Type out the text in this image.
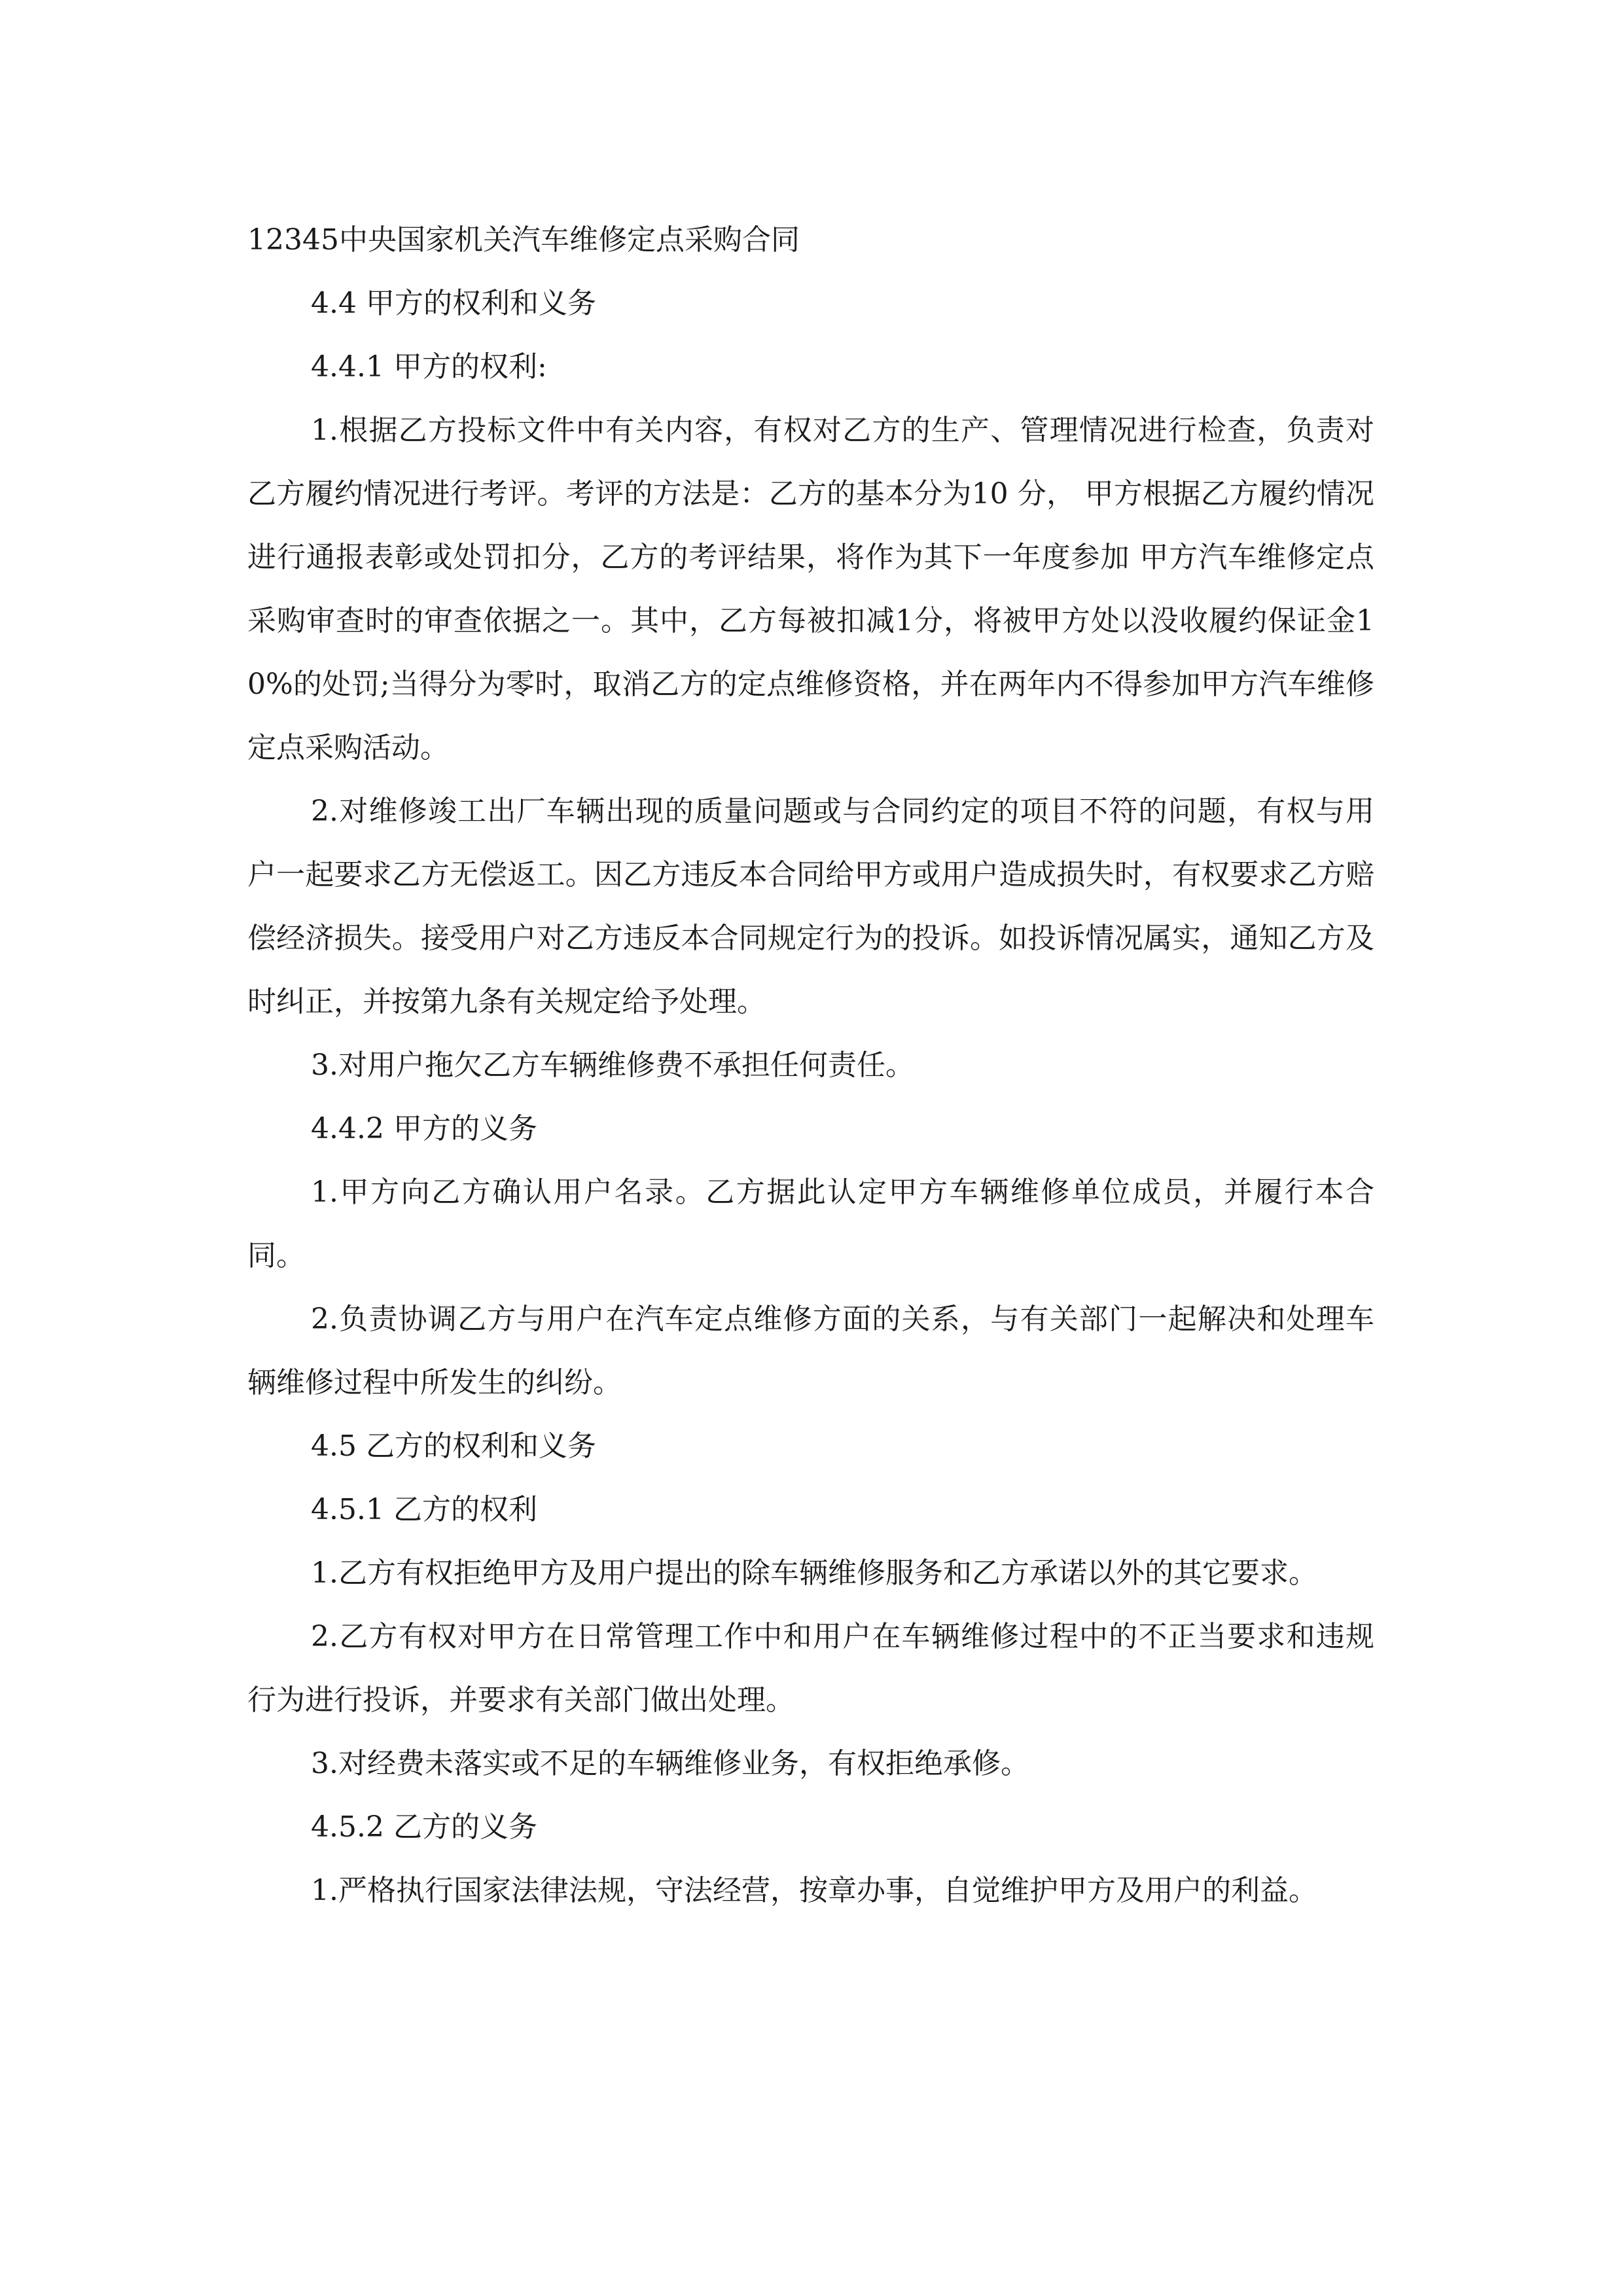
12345中央国家机关汽车维修定点采购合同

4.4 甲方的权利和义务

4.4.1 甲方的权利:

1.根据乙方投标文件中有关内容，有权对乙方的生产、管理情况进行检查，负责对乙方履约情况进行考评。考评的方法是：乙方的基本分为10 分， 甲方根据乙方履约情况进行通报表彰或处罚扣分，乙方的考评结果，将作为其下一年度参加 甲方汽车维修定点采购审查时的审查依据之一。其中，乙方每被扣减1分，将被甲方处以没收履约保证金10%的处罚;当得分为零时，取消乙方的定点维修资格，并在两年内不得参加甲方汽车维修定点采购活动。

2.对维修竣工出厂车辆出现的质量问题或与合同约定的项目不符的问题，有权与用户一起要求乙方无偿返工。因乙方违反本合同给甲方或用户造成损失时，有权要求乙方赔偿经济损失。接受用户对乙方违反本合同规定行为的投诉。如投诉情况属实，通知乙方及时纠正，并按第九条有关规定给予处理。

3.对用户拖欠乙方车辆维修费不承担任何责任。

4.4.2 甲方的义务

1.甲方向乙方确认用户名录。乙方据此认定甲方车辆维修单位成员，并履行本合同。

2.负责协调乙方与用户在汽车定点维修方面的关系，与有关部门一起解决和处理车辆维修过程中所发生的纠纷。

4.5 乙方的权利和义务

4.5.1 乙方的权利

1.乙方有权拒绝甲方及用户提出的除车辆维修服务和乙方承诺以外的其它要求。

2.乙方有权对甲方在日常管理工作中和用户在车辆维修过程中的不正当要求和违规行为进行投诉，并要求有关部门做出处理。

3.对经费未落实或不足的车辆维修业务，有权拒绝承修。

4.5.2 乙方的义务

1.严格执行国家法律法规，守法经营，按章办事，自觉维护甲方及用户的利益。
